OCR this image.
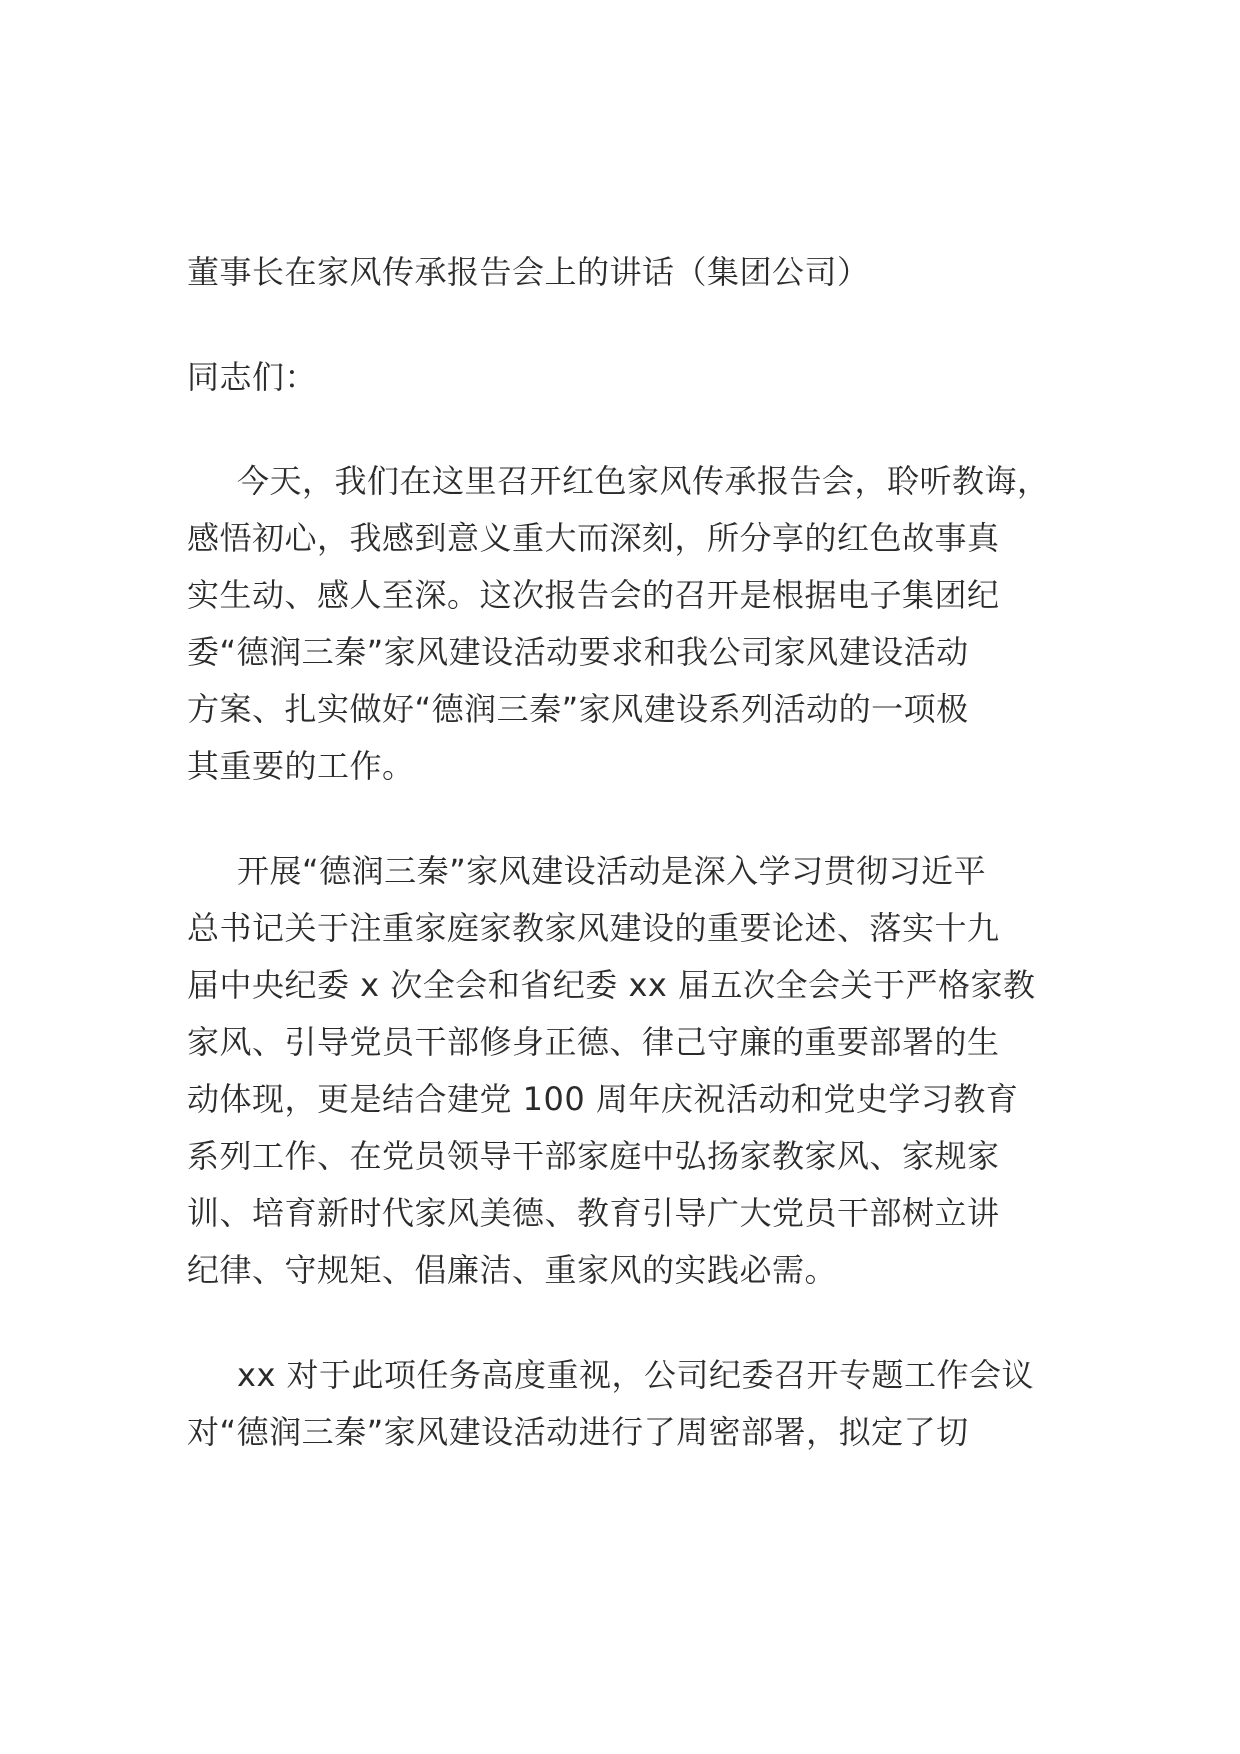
董事长在家风传承报告会上的讲话（集团公司）
同志们：
今天，我们在这里召开红色家风传承报告会，聆听教诲，
感悟初心，我感到意义重大而深刻，所分享的红色故事真
实生动、感人至深。这次报告会的召开是根据电子集团纪
委“德润三秦”家风建设活动要求和我公司家风建设活动
方案、扎实做好“德润三秦”家风建设系列活动的一项极
其重要的工作。
开展“德润三秦”家风建设活动是深入学习贯彻习近平
总书记关于注重家庭家教家风建设的重要论述、落实十九
届中央纪委 x 次全会和省纪委 xx 届五次全会关于严格家教
家风、引导党员干部修身正德、律己守廉的重要部署的生
动体现，更是结合建党 100 周年庆祝活动和党史学习教育
系列工作、在党员领导干部家庭中弘扬家教家风、家规家
训、培育新时代家风美德、教育引导广大党员干部树立讲
纪律、守规矩、倡廉洁、重家风的实践必需。
xx 对于此项任务高度重视，公司纪委召开专题工作会议
对“德润三秦”家风建设活动进行了周密部署，拟定了切
